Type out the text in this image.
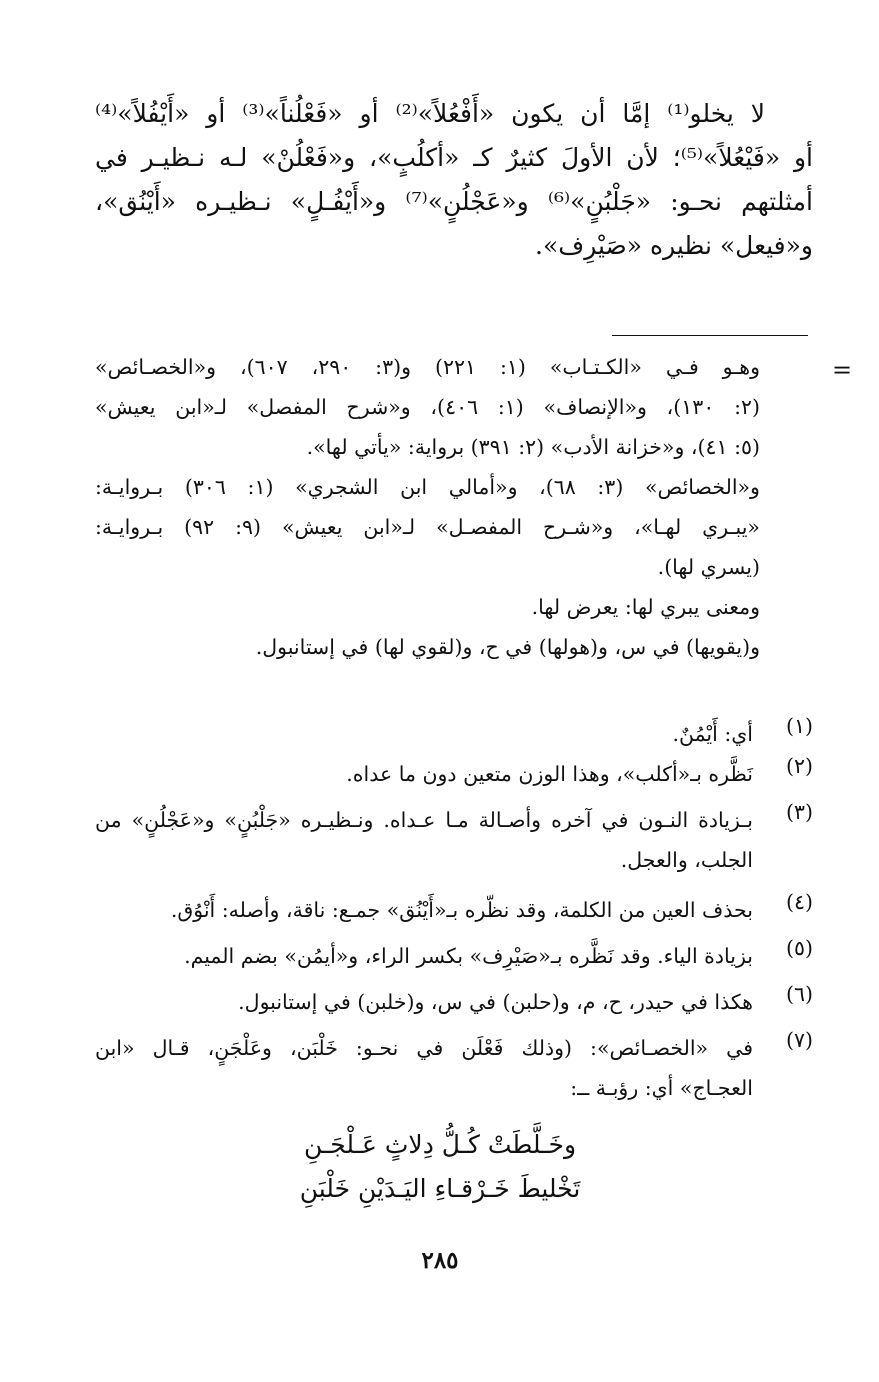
لا يخلو⁽¹⁾ إمَّا أن يكون «أَفْعُلاً»⁽²⁾ أو «فَعْلُناً»⁽³⁾ أو «أَيْفُلاً»⁽⁴⁾
أو «فَيْعُلاً»⁽⁵⁾؛ لأن الأولَ كثيرٌ كـ «أكلُبٍ»، و«فَعْلُنْ» لـه نـظيـر في
أمثلتهم نحـو: «جَلْبُنٍ»⁽⁶⁾ و«عَجْلُنٍ»⁽⁷⁾ و«أَيْفُـلٍ» نـظيـره «أَيْنُق»،
و«فيعل» نظيره «صَيْرِف».
=
وهـو فـي «الكـتـاب» (١: ٢٢١) و(٣: ٢٩٠، ٦٠٧)، و«الخصـائص»
(٢: ١٣٠)، و«الإنصاف» (١: ٤٠٦)، و«شرح المفصل» لـ«ابن يعيش»
(٥: ٤١)، و«خزانة الأدب» (٢: ٣٩١) برواية: «يأتي لها».
و«الخصائص» (٣: ٦٨)، و«أمالي ابن الشجري» (١: ٣٠٦) بـروايـة:
«يبـري لهـا»، و«شـرح المفصـل» لـ«ابن يعيش» (٩: ٩٢) بـروايـة:
(يسري لها).
ومعنى يبري لها: يعرض لها.
و(يقويها) في س، و(هولها) في ح، و(لقوي لها) في إستانبول.
(١)
أي: أَيْمُنٌ.
(٢)
نَظَّره بـ«أكلب»، وهذا الوزن متعين دون ما عداه.
(٣)
بـزيادة النـون في آخره وأصـالة مـا عـداه. ونـظيـره «جَلْبُنٍ» و«عَجْلُنٍ» من
الجلب، والعجل.
(٤)
بحذف العين من الكلمة، وقد نظّره بـ«أَيْنُق» جمـع: ناقة، وأصله: أَنْوُق.
(٥)
بزيادة الياء. وقد نَظَّره بـ«صَيْرِف» بكسر الراء، و«أيمُن» بضم الميم.
(٦)
هكذا في حيدر، ح، م، و(حلبن) في س، و(خلبن) في إستانبول.
(٧)
في «الخصـائص»: (وذلك فَعْلَن في نحـو: خَلْبَن، وعَلْجَنٍ، قـال «ابن
العجـاج» أي: رؤبـة ــ:
وخَـلَّطَتْ كُـلُّ دِلاثٍ عَـلْجَـنِ
تَخْليطَ خَـرْقـاءِ اليَـدَيْنِ خَلْبَنِ
٢٨٥
